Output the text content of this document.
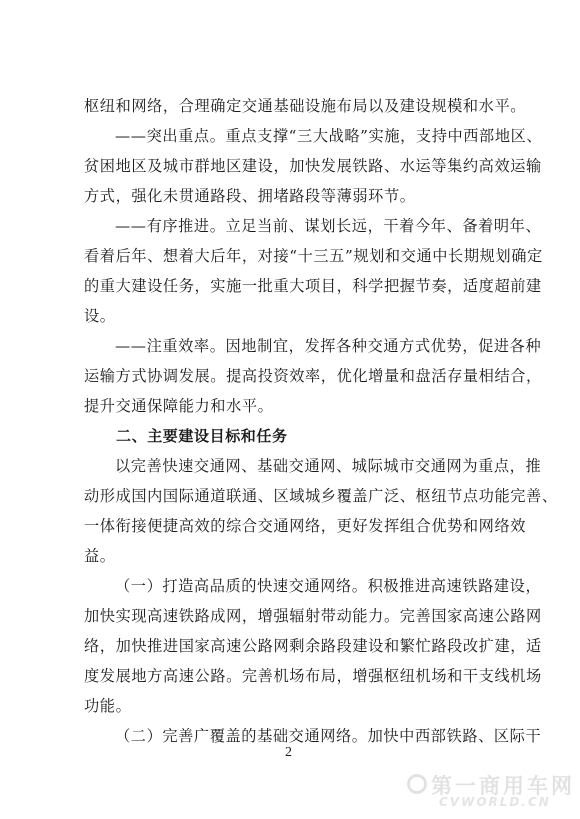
枢纽和网络，合理确定交通基础设施布局以及建设规模和水平。
——突出重点。重点支撑“三大战略”实施，支持中西部地区、
贫困地区及城市群地区建设，加快发展铁路、水运等集约高效运输
方式，强化未贯通路段、拥堵路段等薄弱环节。
——有序推进。立足当前、谋划长远，干着今年、备着明年、
看着后年、想着大后年，对接“十三五”规划和交通中长期规划确定
的重大建设任务，实施一批重大项目，科学把握节奏，适度超前建
设。
——注重效率。因地制宜，发挥各种交通方式优势，促进各种
运输方式协调发展。提高投资效率，优化增量和盘活存量相结合，
提升交通保障能力和水平。
二、主要建设目标和任务
以完善快速交通网、基础交通网、城际城市交通网为重点，推
动形成国内国际通道联通、区域城乡覆盖广泛、枢纽节点功能完善、
一体衔接便捷高效的综合交通网络，更好发挥组合优势和网络效
益。
（一）打造高品质的快速交通网络。积极推进高速铁路建设，
加快实现高速铁路成网，增强辐射带动能力。完善国家高速公路网
络，加快推进国家高速公路网剩余路段建设和繁忙路段改扩建，适
度发展地方高速公路。完善机场布局，增强枢纽机场和干支线机场
功能。
（二）完善广覆盖的基础交通网络。加快中西部铁路、区际干
2
第一商用车网
CVWORLD.CN
